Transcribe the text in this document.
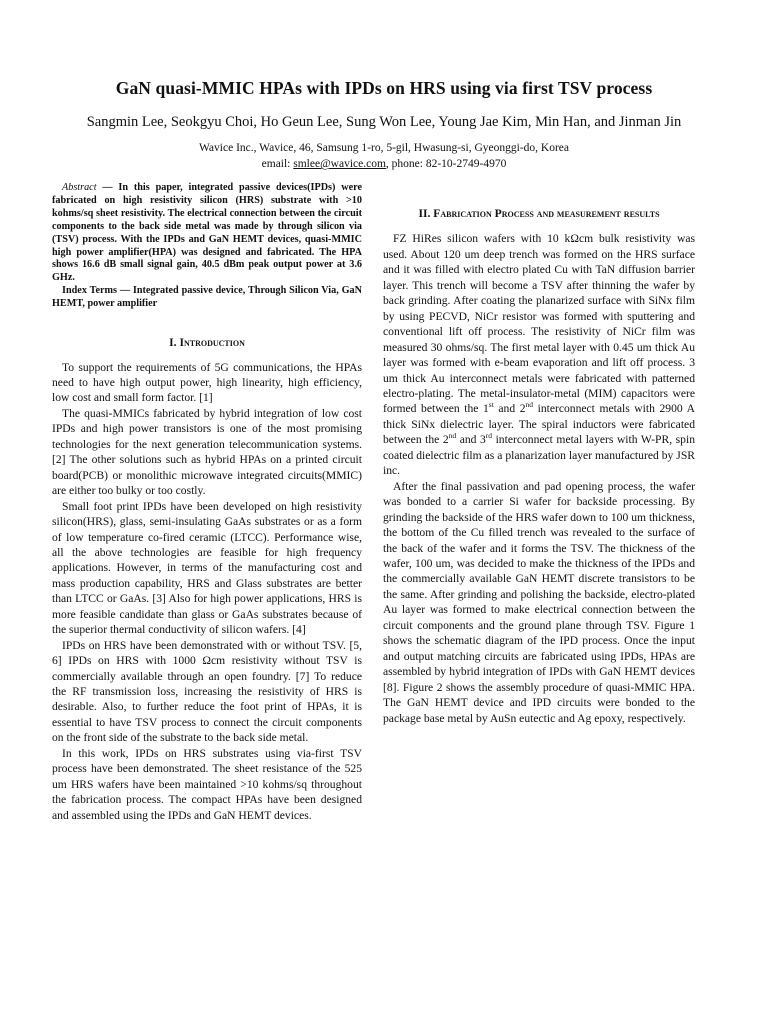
GaN quasi-MMIC HPAs with IPDs on HRS using via first TSV process
Sangmin Lee, Seokgyu Choi, Ho Geun Lee, Sung Won Lee, Young Jae Kim, Min Han, and Jinman Jin
Wavice Inc., Wavice, 46, Samsung 1-ro, 5-gil, Hwasung-si, Gyeonggi-do, Korea
email: smlee@wavice.com, phone: 82-10-2749-4970

Abstract — In this paper, integrated passive devices(IPDs) were fabricated on high resistivity silicon (HRS) substrate with >10 kohms/sq sheet resistivity. The electrical connection between the circuit components to the back side metal was made by through silicon via (TSV) process. With the IPDs and GaN HEMT devices, quasi-MMIC high power amplifier(HPA) was designed and fabricated. The HPA shows 16.6 dB small signal gain, 40.5 dBm peak output power at 3.6 GHz.

Index Terms — Integrated passive device, Through Silicon Via, GaN HEMT, power amplifier

I. Introduction

To support the requirements of 5G communications, the HPAs need to have high output power, high linearity, high efficiency, low cost and small form factor. [1]

The quasi-MMICs fabricated by hybrid integration of low cost IPDs and high power transistors is one of the most promising technologies for the next generation telecommunication systems. [2] The other solutions such as hybrid HPAs on a printed circuit board(PCB) or monolithic microwave integrated circuits(MMIC) are either too bulky or too costly.

Small foot print IPDs have been developed on high resistivity silicon(HRS), glass, semi-insulating GaAs substrates or as a form of low temperature co-fired ceramic (LTCC). Performance wise, all the above technologies are feasible for high frequency applications. However, in terms of the manufacturing cost and mass production capability, HRS and Glass substrates are better than LTCC or GaAs. [3] Also for high power applications, HRS is more feasible candidate than glass or GaAs substrates because of the superior thermal conductivity of silicon wafers. [4]

IPDs on HRS have been demonstrated with or without TSV. [5, 6] IPDs on HRS with 1000 Ωcm resistivity without TSV is commercially available through an open foundry. [7] To reduce the RF transmission loss, increasing the resistivity of HRS is desirable. Also, to further reduce the foot print of HPAs, it is essential to have TSV process to connect the circuit components on the front side of the substrate to the back side metal.

In this work, IPDs on HRS substrates using via-first TSV process have been demonstrated. The sheet resistance of the 525 um HRS wafers have been maintained >10 kohms/sq throughout the fabrication process. The compact HPAs have been designed and assembled using the IPDs and GaN HEMT devices.

II. Fabrication Process and measurement results

FZ HiRes silicon wafers with 10 kΩcm bulk resistivity was used. About 120 um deep trench was formed on the HRS surface and it was filled with electro plated Cu with TaN diffusion barrier layer. This trench will become a TSV after thinning the wafer by back grinding. After coating the planarized surface with SiNx film by using PECVD, NiCr resistor was formed with sputtering and conventional lift off process. The resistivity of NiCr film was measured 30 ohms/sq. The first metal layer with 0.45 um thick Au layer was formed with e-beam evaporation and lift off process. 3 um thick Au interconnect metals were fabricated with patterned electro-plating. The metal-insulator-metal (MIM) capacitors were formed between the 1st and 2nd interconnect metals with 2900 A thick SiNx dielectric layer. The spiral inductors were fabricated between the 2nd and 3rd interconnect metal layers with W-PR, spin coated dielectric film as a planarization layer manufactured by JSR inc.

After the final passivation and pad opening process, the wafer was bonded to a carrier Si wafer for backside processing. By grinding the backside of the HRS wafer down to 100 um thickness, the bottom of the Cu filled trench was revealed to the surface of the back of the wafer and it forms the TSV. The thickness of the wafer, 100 um, was decided to make the thickness of the IPDs and the commercially available GaN HEMT discrete transistors to be the same. After grinding and polishing the backside, electro-plated Au layer was formed to make electrical connection between the circuit components and the ground plane through TSV. Figure 1 shows the schematic diagram of the IPD process. Once the input and output matching circuits are fabricated using IPDs, HPAs are assembled by hybrid integration of IPDs with GaN HEMT devices [8]. Figure 2 shows the assembly procedure of quasi-MMIC HPA. The GaN HEMT device and IPD circuits were bonded to the package base metal by AuSn eutectic and Ag epoxy, respectively.
